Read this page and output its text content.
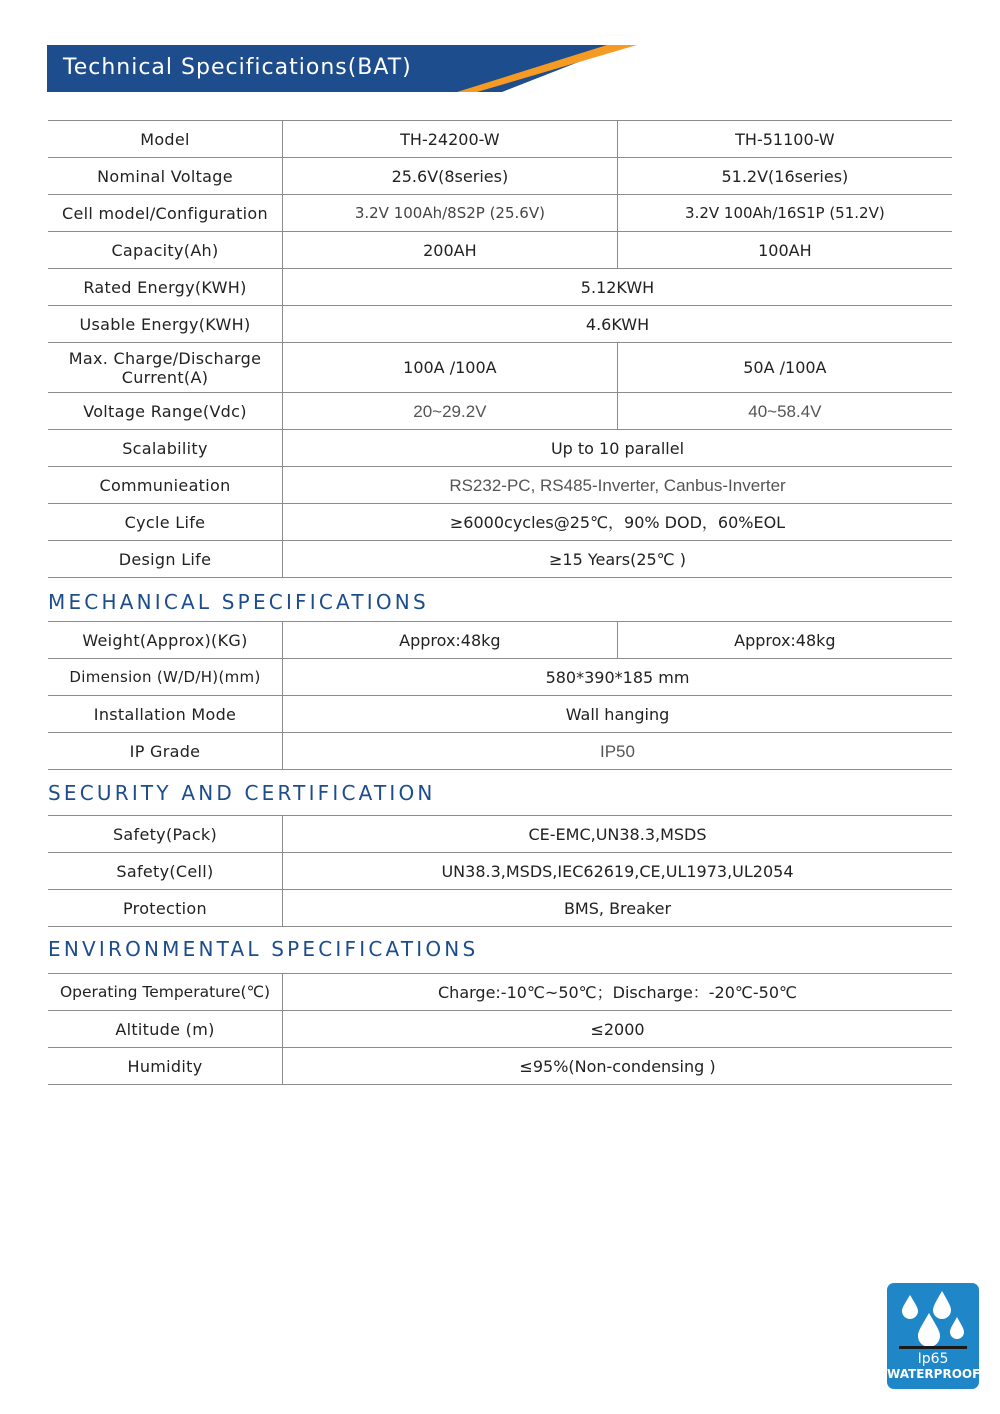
Technical Specifications(BAT)
Model	TH-24200-W	TH-51100-W
Nominal Voltage	25.6V(8series)	51.2V(16series)
Cell model/Configuration	3.2V 100Ah/8S2P (25.6V)	3.2V 100Ah/16S1P (51.2V)
Capacity(Ah)	200AH	100AH
Rated Energy(KWH)	5.12KWH	
Usable Energy(KWH)	4.6KWH	

Max. Charge/Discharge
Current(A)	100A /100A	50A /100A
Voltage Range(Vdc)	20~29.2V	40~58.4V
Scalability	Up to 10 parallel	
Communieation	RS232-PC, RS485-Inverter, Canbus-Inverter	
Cycle Life	≥6000cycles@25℃，90% DOD，60%EOL	
Design Life	≥15 Years(25℃ )	
MECHANICAL SPECIFICATIONS
Weight(Approx)(KG)	Approx:48kg	Approx:48kg
Dimension (W/D/H)(mm)	580*390*185 mm	
Installation Mode	Wall hanging	
IP Grade	IP50	
SECURITY AND CERTIFICATION
Safety(Pack)	CE-EMC,UN38.3,MSDS
Safety(Cell)	UN38.3,MSDS,IEC62619,CE,UL1973,UL2054
Protection	BMS, Breaker
ENVIRONMENTAL SPECIFICATIONS
Operating Temperature(℃)	Charge:-10℃~50℃；Discharge：-20℃-50℃
Altitude (m)	≤2000
Humidity	≤95%(Non-condensing )
Ip65
WATERPROOF
